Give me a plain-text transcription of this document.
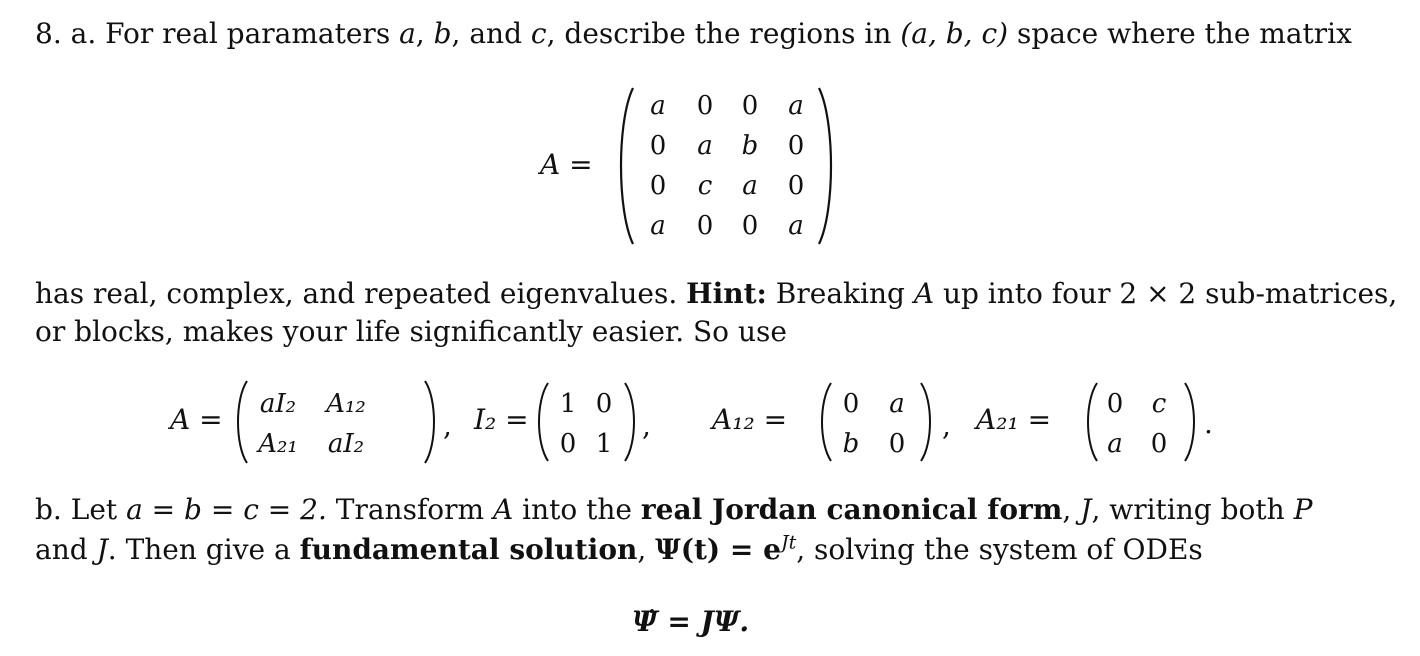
8. a. For real paramaters a, b, and c, describe the regions in (a, b, c) space where the matrix
A =
a 0 0 a
0 a b 0
0 c a 0
a 0 0 a
has real, complex, and repeated eigenvalues. Hint: Breaking A up into four 2 × 2 sub-matrices,
or blocks, makes your life significantly easier. So use
A =	aI₂	A₁₂
A₂₁	aI₂
, I₂ =	1 0
0 1
, A₁₂ =	0	a
b	0
, A₂₁ =	0	c
a	0
.
b. Let a = b = c = 2. Transform A into the real Jordan canonical form, J, writing both P
and J. Then give a fundamental solution, $\Psi(t) = e^{Jt}$, solving the system of ODEs
Ψ̇ = JΨ.
